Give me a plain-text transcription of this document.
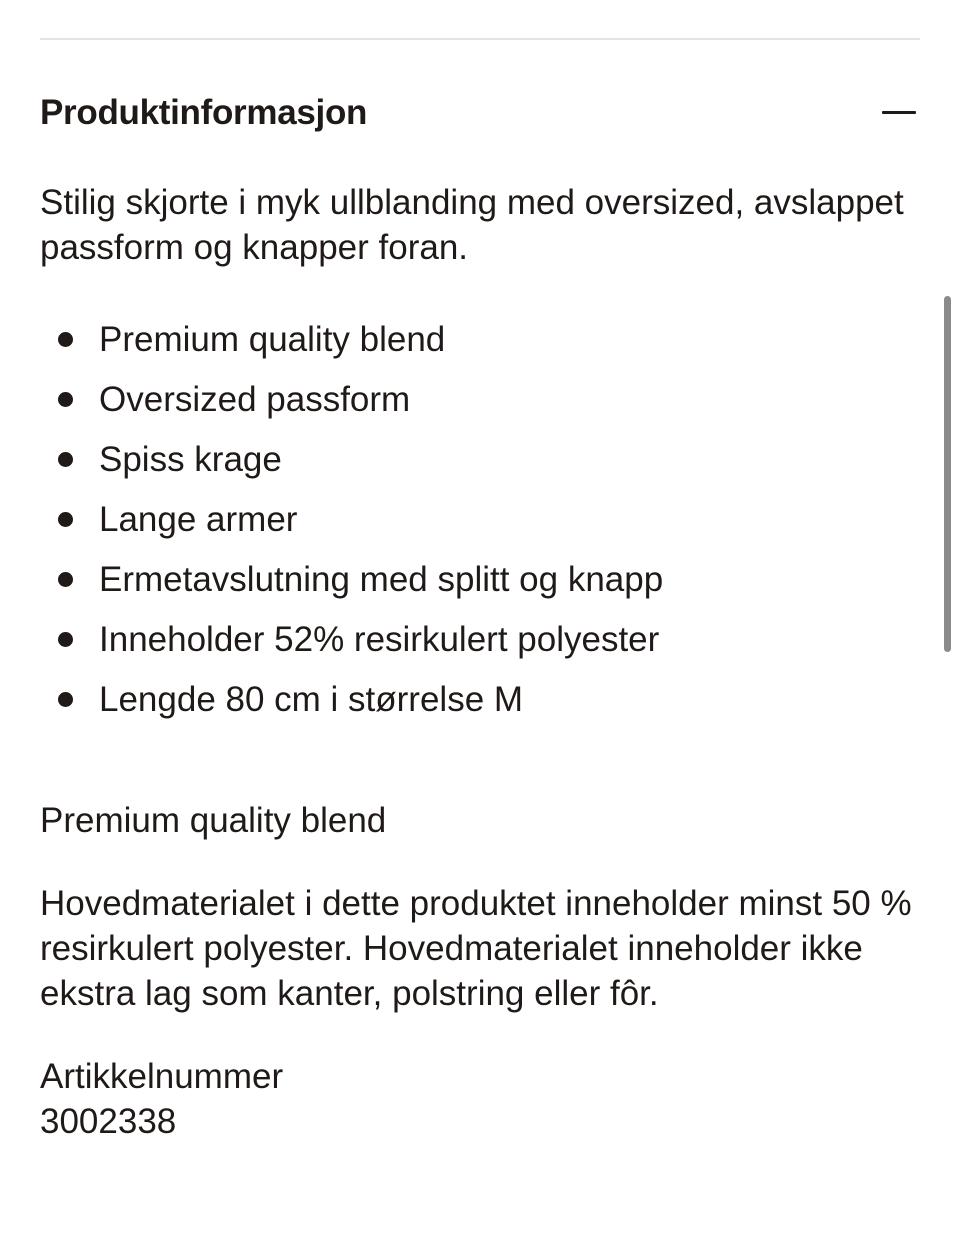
Produktinformasjon

Stilig skjorte i myk ullblanding med oversized, avslappet passform og knapper foran.

Premium quality blend
Oversized passform
Spiss krage
Lange armer
Ermetavslutning med splitt og knapp
Inneholder 52% resirkulert polyester
Lengde 80 cm i størrelse M

Premium quality blend

Hovedmaterialet i dette produktet inneholder minst 50 % resirkulert polyester. Hovedmaterialet inneholder ikke ekstra lag som kanter, polstring eller fôr.

Artikkelnummer

3002338
